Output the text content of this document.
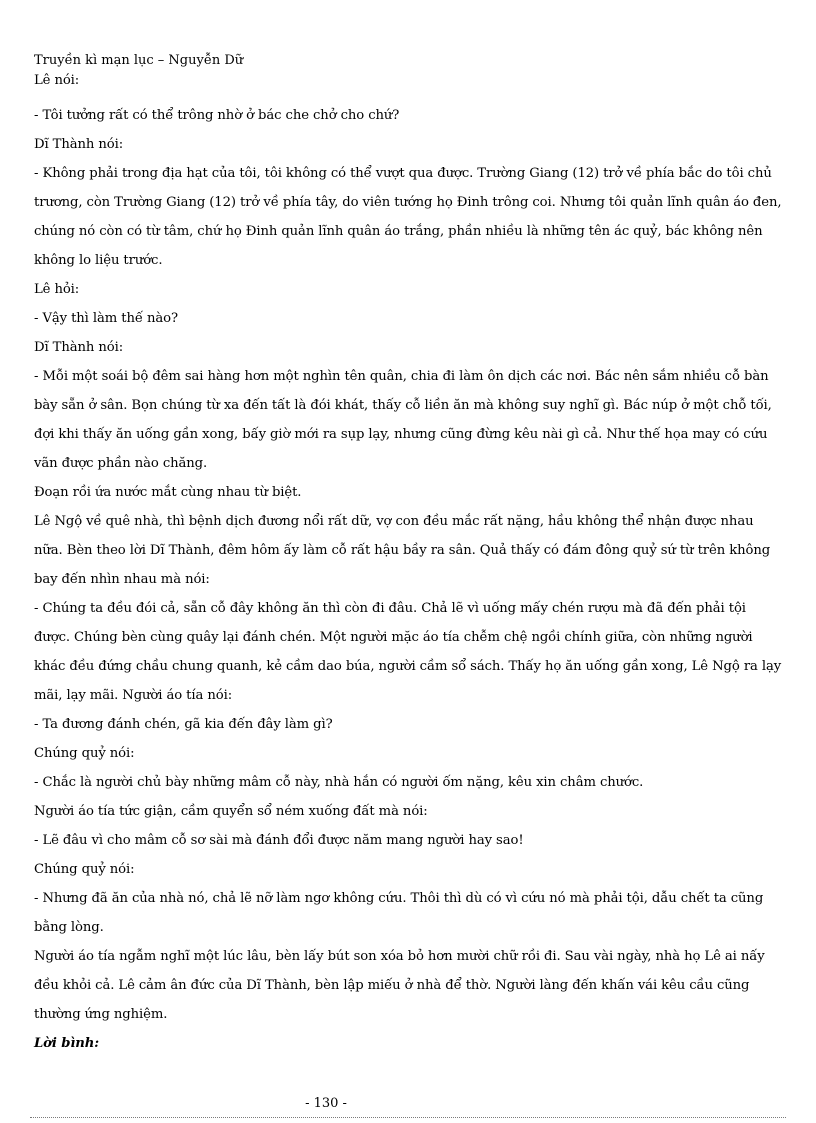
Truyền kì mạn lục – Nguyễn Dữ

Lê nói:

- Tôi tưởng rất có thể trông nhờ ở bác che chở cho chứ?

Dĩ Thành nói:

- Không phải trong địa hạt của tôi, tôi không có thể vượt qua được. Trường Giang (12) trở về phía bắc do tôi chủ trương, còn Trường Giang (12) trở về phía tây, do viên tướng họ Đinh trông coi. Nhưng tôi quản lĩnh quân áo đen, chúng nó còn có từ tâm, chứ họ Đinh quản lĩnh quân áo trắng, phần nhiều là những tên ác quỷ, bác không nên không lo liệu trước.

Lê hỏi:

- Vậy thì làm thế nào?

Dĩ Thành nói:

- Mỗi một soái bộ đêm sai hàng hơn một nghìn tên quân, chia đi làm ôn dịch các nơi. Bác nên sắm nhiều cỗ bàn bày sẵn ở sân. Bọn chúng từ xa đến tất là đói khát, thấy cỗ liền ăn mà không suy nghĩ gì. Bác núp ở một chỗ tối, đợi khi thấy ăn uống gần xong, bấy giờ mới ra sụp lạy, nhưng cũng đừng kêu nài gì cả. Như thế họa may có cứu vãn được phần nào chăng.

Đoạn rồi ứa nước mắt cùng nhau từ biệt.

Lê Ngộ về quê nhà, thì bệnh dịch đương nổi rất dữ, vợ con đều mắc rất nặng, hầu không thể nhận được nhau nữa. Bèn theo lời Dĩ Thành, đêm hôm ấy làm cỗ rất hậu bầy ra sân. Quả thấy có đám đông quỷ sứ từ trên không bay đến nhìn nhau mà nói:

- Chúng ta đều đói cả, sẵn cỗ đây không ăn thì còn đi đâu. Chả lẽ vì uống mấy chén rượu mà đã đến phải tội được. Chúng bèn cùng quây lại đánh chén. Một người mặc áo tía chễm chệ ngồi chính giữa, còn những người khác đều đứng chầu chung quanh, kẻ cầm dao búa, người cầm sổ sách. Thấy họ ăn uống gần xong, Lê Ngộ ra lạy mãi, lạy mãi. Người áo tía nói:

- Ta đương đánh chén, gã kia đến đây làm gì?

Chúng quỷ nói:

- Chắc là người chủ bày những mâm cỗ này, nhà hắn có người ốm nặng, kêu xin châm chước.

Người áo tía tức giận, cầm quyển sổ ném xuống đất mà nói:

- Lẽ đâu vì cho mâm cỗ sơ sài mà đánh đổi được năm mang người hay sao!

Chúng quỷ nói:

- Nhưng đã ăn của nhà nó, chả lẽ nỡ làm ngơ không cứu. Thôi thì dù có vì cứu nó mà phải tội, dẫu chết ta cũng bằng lòng.

Người áo tía ngẫm nghĩ một lúc lâu, bèn lấy bút son xóa bỏ hơn mười chữ rồi đi. Sau vài ngày, nhà họ Lê ai nấy đều khỏi cả. Lê cảm ân đức của Dĩ Thành, bèn lập miếu ở nhà để thờ. Người làng đến khấn vái kêu cầu cũng thường ứng nghiệm.

Lời bình:

- 130 -
